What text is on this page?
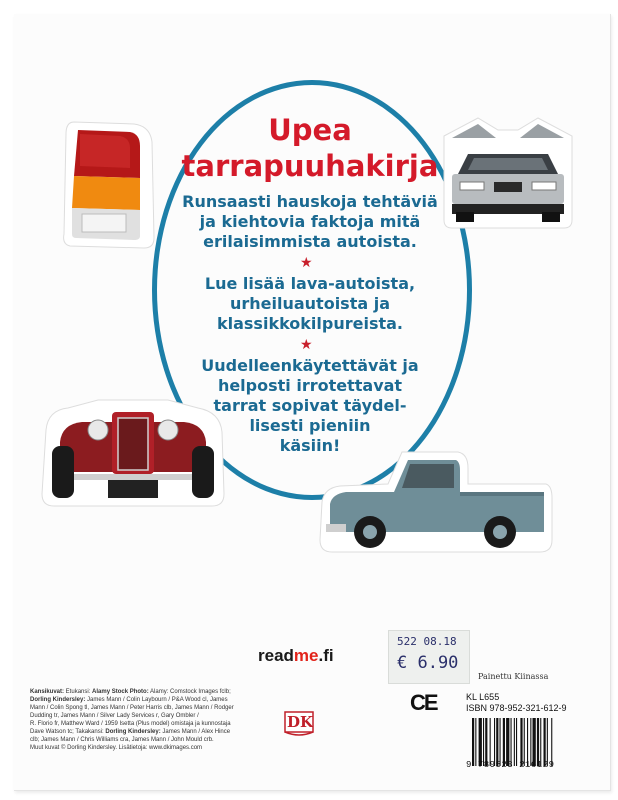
Upea
tarrapuuhakirja

Runsaasti hauskoja tehtäviä

ja kiehtovia faktoja mitä

erilaisimmista autoista.

★

Lue lisää lava-autoista,

urheiluautoista ja

klassikkokilpureista.

★

Uudelleenkäytettävät ja

helposti irrotettavat

tarrat sopivat täydel-

lisesti pieniin

käsiin!

readme.fi
522 08.18
€ 6.90
Painettu Kiinassa
Kansikuvat: Etukansi: Alamy Stock Photo: Alamy: Comstock Images fclb;
Dorling Kindersley: James Mann / Colin Laybourn / P&A Wood cl, James
Mann / Colin Spong tl, James Mann / Peter Harris clb, James Mann / Rodger
Dudding tr, James Mann / Silver Lady Services r, Gary Ombler /
R. Florio fr, Matthew Ward / 1959 Isetta (Plus model) omistaja ja kunnostaja
Dave Watson tc; Takakansi: Dorling Kindersley: James Mann / Alex Hince
clb; James Mann / Chris Williams cra, James Mann / John Mould crb.
Muut kuvat © Dorling Kindersley. Lisätietoja: www.dkimages.com
CE
DK
KL L655
ISBN 978-952-321-612-9
9 789523 216129
